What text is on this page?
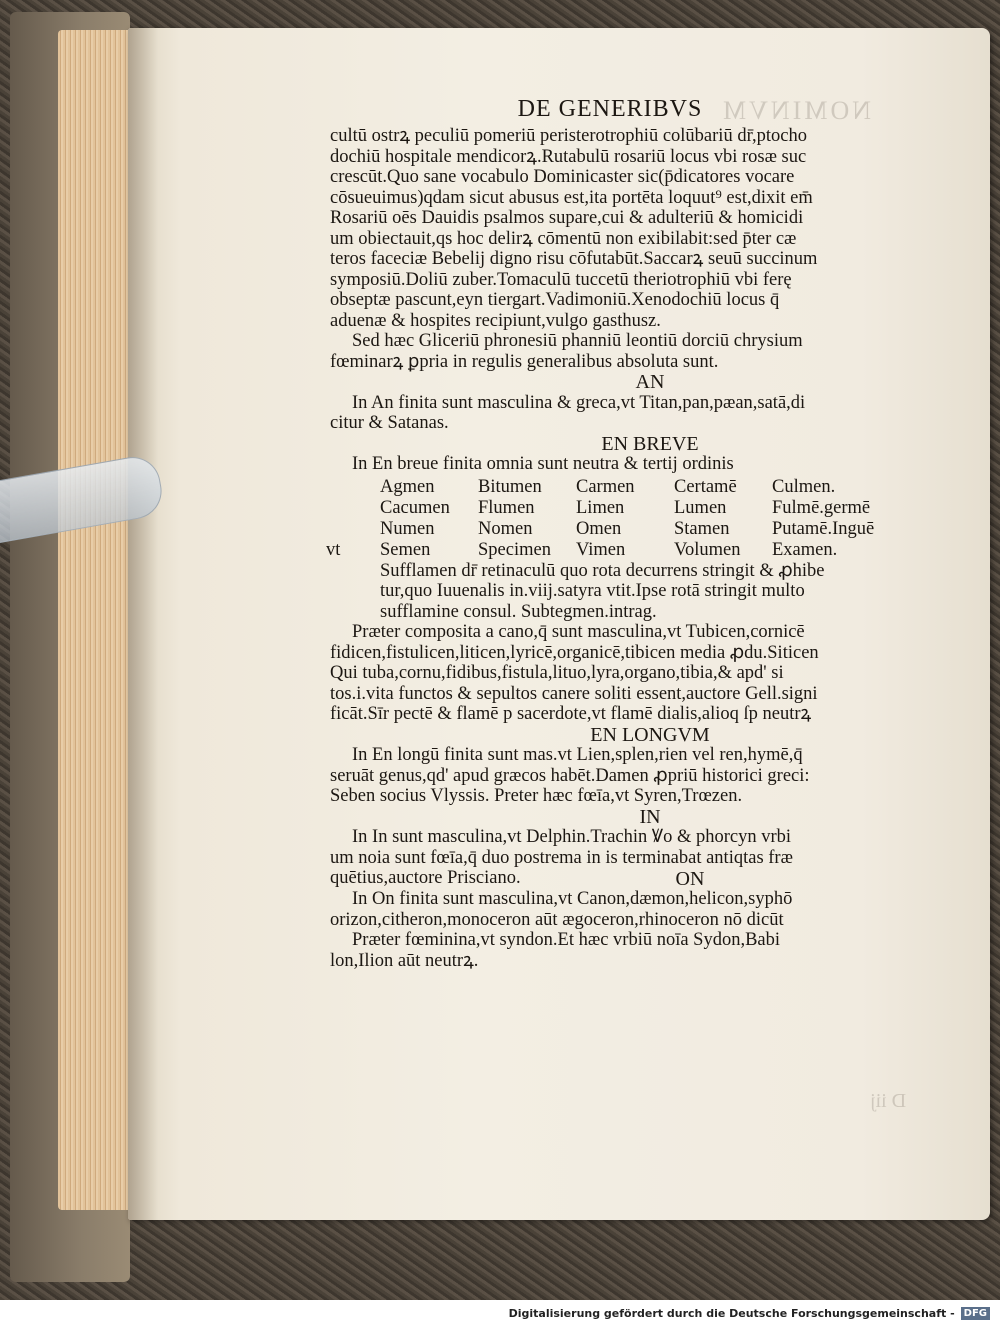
NOMINVM
D iij
DE GENERIBVS
cultū ostrꝝ peculiū pomeriū peristerotrophiū colūbariū dr̄,ptocho
dochiū hospitale mendicorꝝ.Rutabulū rosariū locus vbi rosæ suc
crescūt.Quo sane vocabulo Dominicaster sic(p̄dicatores vocare
cōsueuimus)qdam sicut abusus est,ita portēta loquut⁹ est,dixit em̄
Rosariū oēs Dauidis psalmos supare,cui & adulteriū & homicidi
um obiectauit,qs hoc delirꝝ cōmentū non exibilabit:sed p̄ter cæ
teros faceciæ Bebelij digno risu cōfutabūt.Saccarꝝ seuū succinum
symposiū.Doliū zuber.Tomaculū tuccetū theriotrophiū vbi ferę
obseptæ pascunt,eyn tiergart.Vadimoniū.Xenodochiū locus q̄
aduenæ & hospites recipiunt,vulgo gasthusz.
Sed hæc Gliceriū phronesiū phanniū leontiū dorciū chrysium
fœminarꝝ ꝑpria in regulis generalibus absoluta sunt.
AN
In An finita sunt masculina & greca,vt Titan,pan,pæan,satā,di
citur & Satanas.
EN BREVE
In En breue finita omnia sunt neutra & tertij ordinis
Agmen	Bitumen	Carmen	Certamē	Culmen.
Cacumen	Flumen	Limen	Lumen	Fulmē.germē
Numen	Nomen	Omen	Stamen	Putamē.Inguē
vt	Semen	Specimen	Vimen	Volumen	Examen.
Sufflamen dr̄ retinaculū quo rota decurrens stringit & ꝓhibe
tur,quo Iuuenalis in.viij.satyra vtit.Ipse rotā stringit multo
sufflamine consul. Subtegmen.intrag.
Præter composita a cano,q̄ sunt masculina,vt Tubicen,cornicē
fidicen,fistulicen,liticen,lyricē,organicē,tibicen media ꝓdu.Siticen
Qui tuba,cornu,fidibus,fistula,lituo,lyra,organo,tibia,& apd' si
tos.i.vita functos & sepultos canere soliti essent,auctore Gell.signi
ficāt.Sīr pectē & flamē p sacerdote,vt flamē dialis,alioq ſp neutrꝝ
EN LONGVM
In En longū finita sunt mas.vt Lien,splen,rien vel ren,hymē,q̄
seruāt genus,qd' apud græcos habēt.Damen ꝓpriū historici greci:
Seben socius Vlyssis. Preter hæc fœīa,vt Syren,Trœzen.
IN
In In sunt masculina,vt Delphin.Trachin Ꝟo & phorcyn vrbi
um noia sunt fœīa,q̄ duo postrema in is terminabat antiqtas fræ
quētius,auctore Prisciano.	ON
In On finita sunt masculina,vt Canon,dæmon,helicon,syphō
orizon,citheron,monoceron aūt ægoceron,rhinoceron nō dicūt
Præter fœminina,vt syndon.Et hæc vrbiū noīa Sydon,Babi
lon,Ilion aūt neutrꝝ.
Digitalisierung gefördert durch die Deutsche Forschungsgemeinschaft - DFG
